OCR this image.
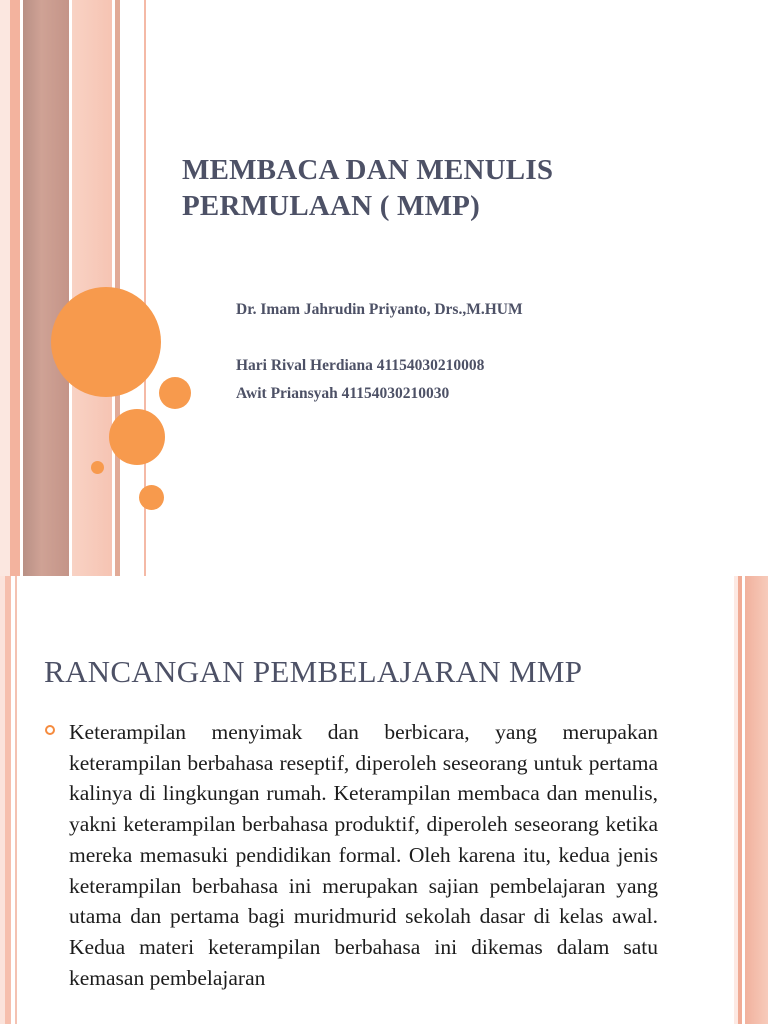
MEMBACA DAN MENULIS
PERMULAAN ( MMP)
Dr. Imam Jahrudin Priyanto, Drs.,M.HUM
Hari Rival Herdiana 41154030210008
Awit Priansyah 41154030210030
RANCANGAN PEMBELAJARAN MMP

Keterampilan menyimak dan berbicara, yang merupakan keterampilan berbahasa reseptif, diperoleh seseorang untuk pertama kalinya di lingkungan rumah. Keterampilan membaca dan menulis, yakni keterampilan berbahasa produktif, diperoleh seseorang ketika mereka memasuki pendidikan formal. Oleh karena itu, kedua jenis keterampilan berbahasa ini merupakan sajian pembelajaran yang utama dan pertama bagi muridmurid sekolah dasar di kelas awal. Kedua materi keterampilan berbahasa ini dikemas dalam satu kemasan pembelajaran
